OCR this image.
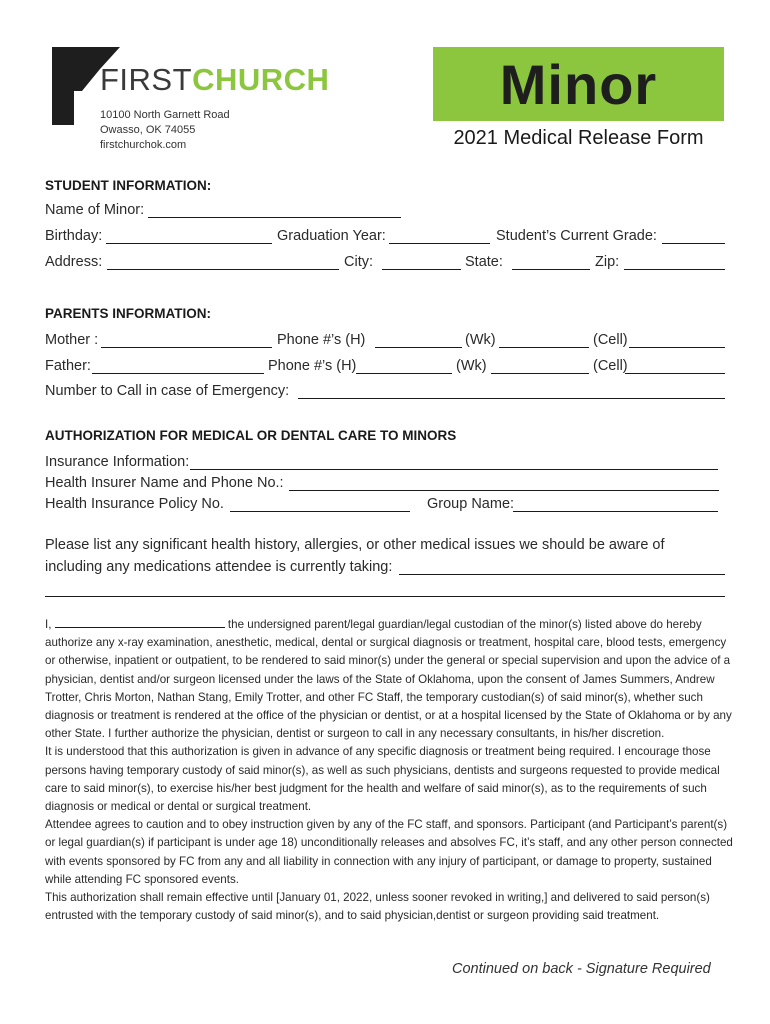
FIRSTCHURCH
10100 North Garnett Road
Owasso, OK 74055
firstchurchok.com
Minor
2021 Medical Release Form
STUDENT INFORMATION:
Name of Minor:
Birthday:	Graduation Year:	Student’s Current Grade:
Address:	City:	State:	Zip:
PARENTS INFORMATION:
Mother :	Phone #’s (H)	(Wk)	(Cell)
Father:	Phone #’s (H)	(Wk)	(Cell)
Number to Call in case of Emergency:
AUTHORIZATION FOR MEDICAL OR DENTAL CARE TO MINORS
Insurance Information:
Health Insurer Name and Phone No.:
Health Insurance Policy No.	Group Name:
Please list any significant health history, allergies, or other medical issues we should be aware of
including any medications attendee is currently taking:

I,	the undersigned parent/legal guardian/legal custodian of the minor(s) listed above do hereby authorize any x-ray examination, anesthetic, medical, dental or surgical diagnosis or treatment, hospital care, blood tests, emergency or otherwise, inpatient or outpatient, to be rendered to said minor(s) under the general or special supervision and upon the advice of a physician, dentist and/or surgeon licensed under the laws of the State of Oklahoma, upon the consent of James Summers, Andrew Trotter, Chris Morton, Nathan Stang, Emily Trotter, and other FC Staff, the temporary custodian(s) of said minor(s), whether such diagnosis or treatment is rendered at the office of the physician or dentist, or at a hospital licensed by the State of Oklahoma or by any other State. I further authorize the physician, dentist or surgeon to call in any necessary consultants, in his/her discretion.

It is understood that this authorization is given in advance of any specific diagnosis or treatment being required. I encourage those persons having temporary custody of said minor(s), as well as such physicians, dentists and surgeons requested to provide medical care to said minor(s), to exercise his/her best judgment for the health and welfare of said minor(s), as to the requirements of such diagnosis or medical or dental or surgical treatment.

Attendee agrees to caution and to obey instruction given by any of the FC staff, and sponsors. Participant (and Participant’s parent(s) or legal guardian(s) if participant is under age 18) unconditionally releases and absolves FC, it’s staff, and any other person connected with events sponsored by FC from any and all liability in connection with any injury of participant, or damage to property, sustained while attending FC sponsored events.

This authorization shall remain effective until [January 01, 2022, unless sooner revoked in writing,] and delivered to said person(s) entrusted with the temporary custody of said minor(s), and to said physician,dentist or surgeon providing said treatment.

Continued on back - Signature Required
